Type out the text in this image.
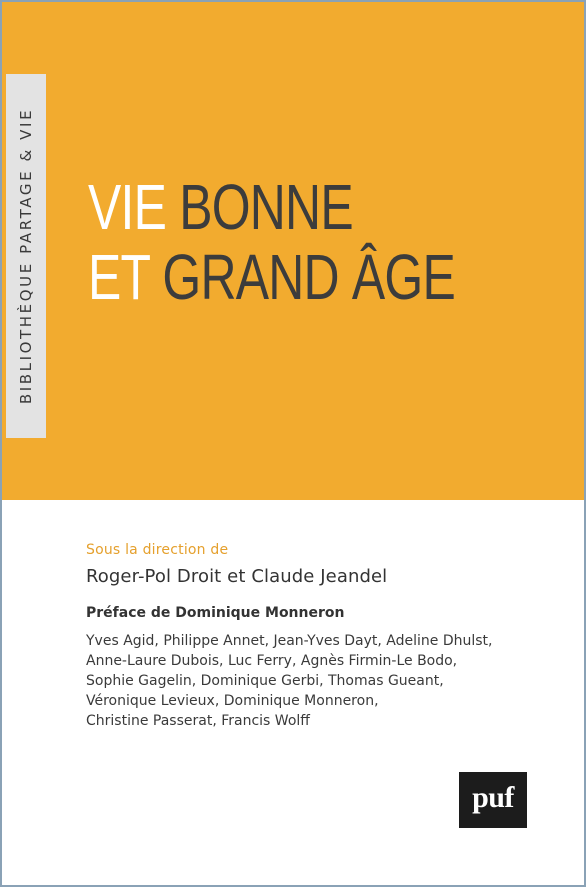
BIBLIOTHÈQUE PARTAGE & VIE VIE BONNE
ET GRAND ÂGE
Sous la direction de
Roger-Pol Droit et Claude Jeandel
Préface de Dominique Monneron
Yves Agid, Philippe Annet, Jean-Yves Dayt, Adeline Dhulst,
Anne-Laure Dubois, Luc Ferry, Agnès Firmin-Le Bodo,
Sophie Gagelin, Dominique Gerbi, Thomas Gueant,
Véronique Levieux, Dominique Monneron,
Christine Passerat, Francis Wolff
puf
